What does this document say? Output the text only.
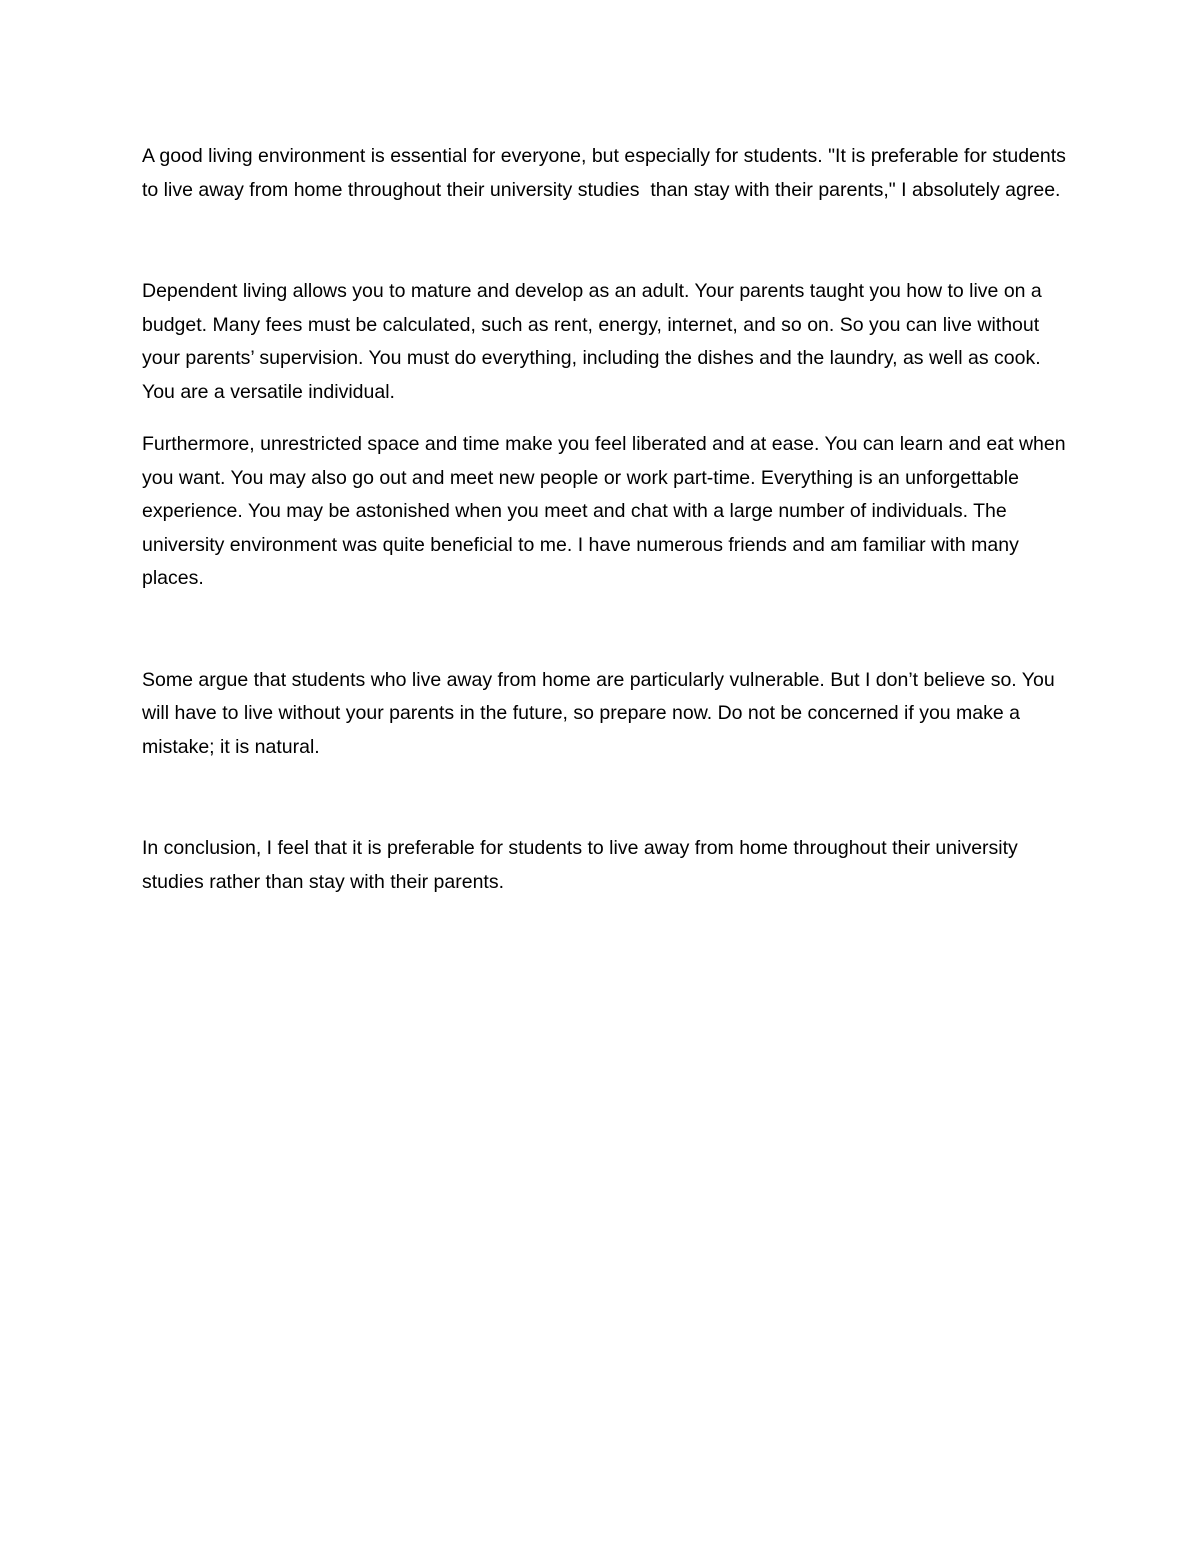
A good living environment is essential for everyone, but especially for students. "It is preferable for students to live away from home throughout their university studies  than stay with their parents," I absolutely agree.

Dependent living allows you to mature and develop as an adult. Your parents taught you how to live on a budget. Many fees must be calculated, such as rent, energy, internet, and so on. So you can live without your parents’ supervision. You must do everything, including the dishes and the laundry, as well as cook. You are a versatile individual.

Furthermore, unrestricted space and time make you feel liberated and at ease. You can learn and eat when you want. You may also go out and meet new people or work part-time. Everything is an unforgettable experience. You may be astonished when you meet and chat with a large number of individuals. The university environment was quite beneficial to me. I have numerous friends and am familiar with many places.

Some argue that students who live away from home are particularly vulnerable. But I don’t believe so. You will have to live without your parents in the future, so prepare now. Do not be concerned if you make a mistake; it is natural.

In conclusion, I feel that it is preferable for students to live away from home throughout their university studies rather than stay with their parents.
